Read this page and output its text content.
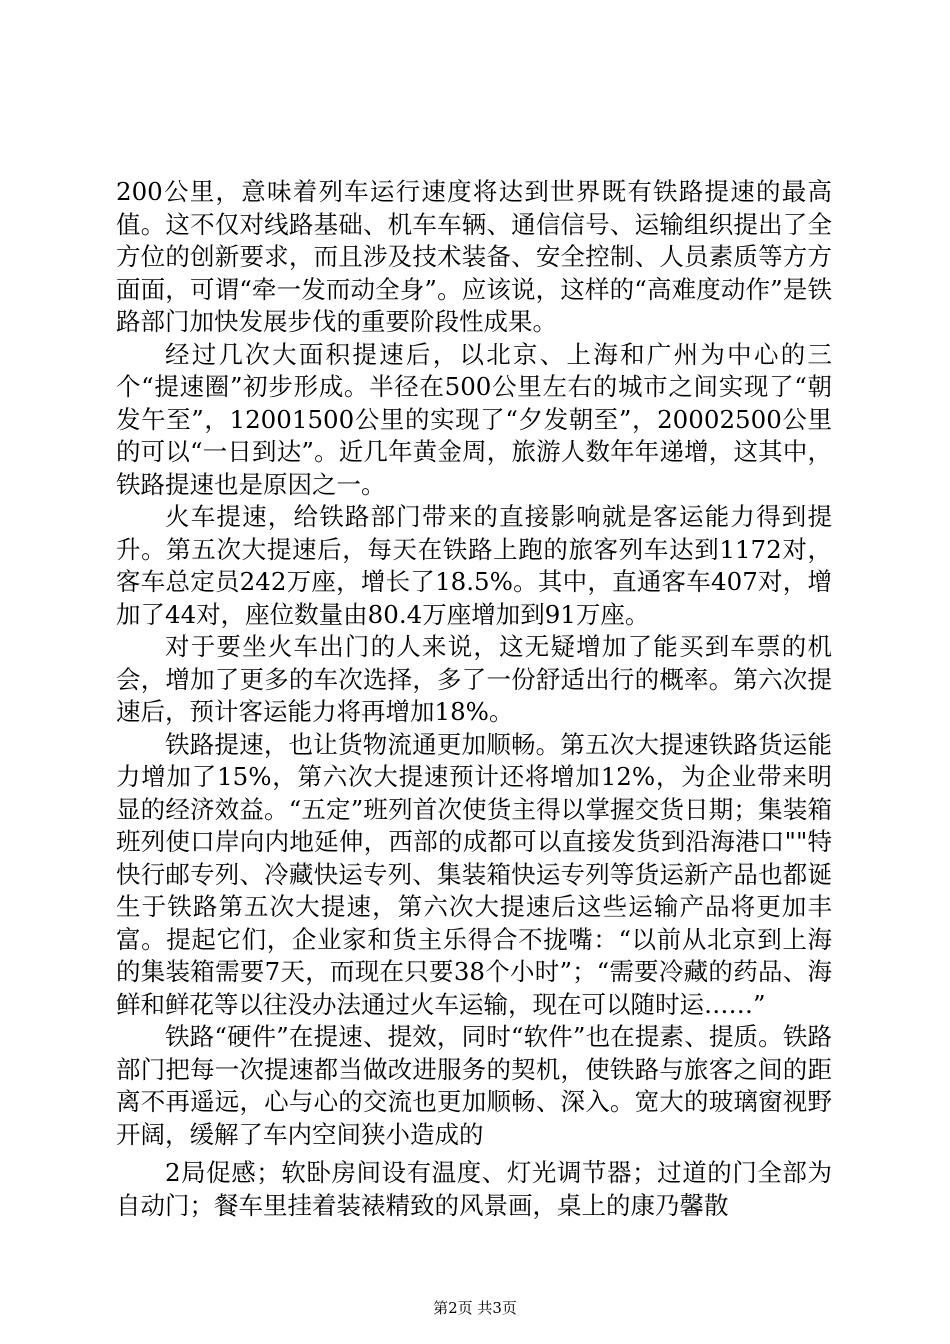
200公里，意味着列车运行速度将达到世界既有铁路提速的最高值。这不仅对线路基础、机车车辆、通信信号、运输组织提出了全方位的创新要求，而且涉及技术装备、安全控制、人员素质等方方面面，可谓“牵一发而动全身”。应该说，这样的“高难度动作”是铁路部门加快发展步伐的重要阶段性成果。

经过几次大面积提速后，以北京、上海和广州为中心的三个“提速圈”初步形成。半径在500公里左右的城市之间实现了“朝发午至”，12001500公里的实现了“夕发朝至”，20002500公里的可以“一日到达”。近几年黄金周，旅游人数年年递增，这其中，铁路提速也是原因之一。

火车提速，给铁路部门带来的直接影响就是客运能力得到提升。第五次大提速后，每天在铁路上跑的旅客列车达到1172对，客车总定员242万座，增长了18.5%。其中，直通客车407对，增加了44对，座位数量由80.4万座增加到91万座。

对于要坐火车出门的人来说，这无疑增加了能买到车票的机会，增加了更多的车次选择，多了一份舒适出行的概率。第六次提速后，预计客运能力将再增加18%。

铁路提速，也让货物流通更加顺畅。第五次大提速铁路货运能力增加了15%，第六次大提速预计还将增加12%，为企业带来明显的经济效益。“五定”班列首次使货主得以掌握交货日期；集装箱班列使口岸向内地延伸，西部的成都可以直接发货到沿海港口""特快行邮专列、冷藏快运专列、集装箱快运专列等货运新产品也都诞生于铁路第五次大提速，第六次大提速后这些运输产品将更加丰富。提起它们，企业家和货主乐得合不拢嘴：“以前从北京到上海的集装箱需要7天，而现在只要38个小时”；“需要冷藏的药品、海鲜和鲜花等以往没办法通过火车运输，现在可以随时运……”

铁路“硬件”在提速、提效，同时“软件”也在提素、提质。铁路部门把每一次提速都当做改进服务的契机，使铁路与旅客之间的距离不再遥远，心与心的交流也更加顺畅、深入。宽大的玻璃窗视野开阔，缓解了车内空间狭小造成的

2局促感；软卧房间设有温度、灯光调节器；过道的门全部为自动门；餐车里挂着装裱精致的风景画，桌上的康乃馨散

第2页 共3页
